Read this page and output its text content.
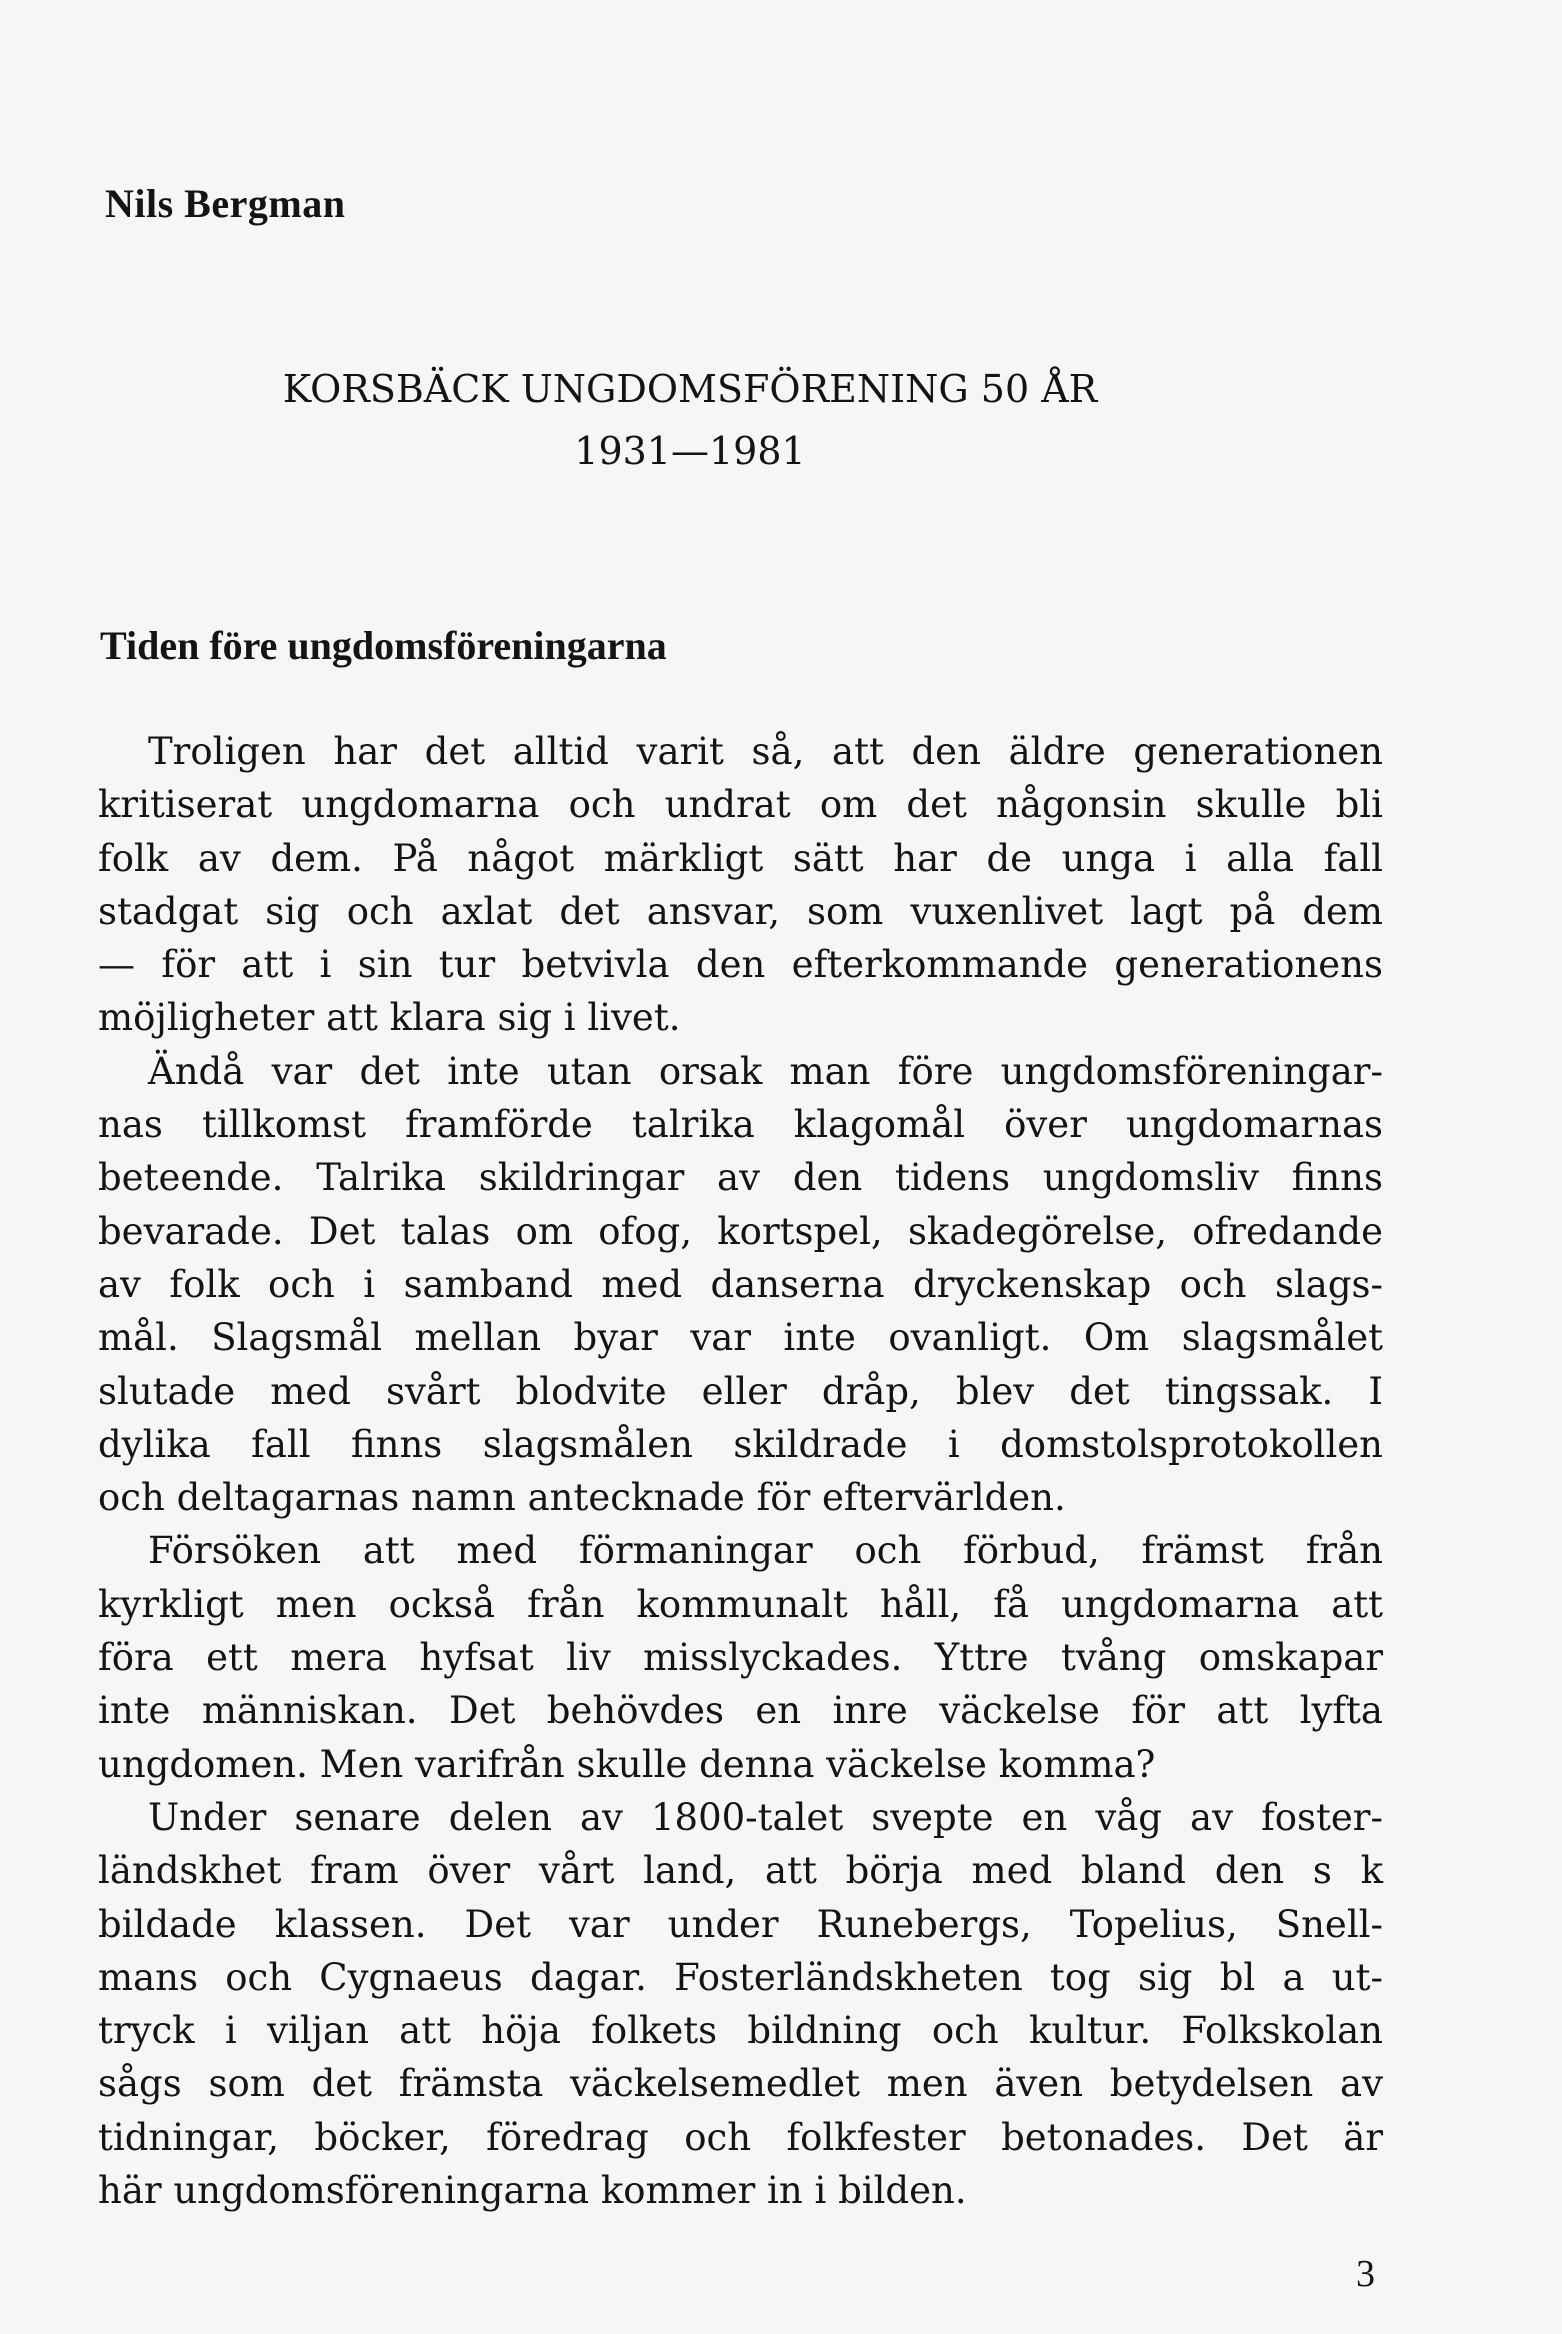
Nils Bergman
KORSBÄCK UNGDOMSFÖRENING 50 ÅR
1931—1981
Tiden före ungdomsföreningarna
Troligen har det alltid varit så, att den äldre generationen
kritiserat ungdomarna och undrat om det någonsin skulle bli
folk av dem. På något märkligt sätt har de unga i alla fall
stadgat sig och axlat det ansvar, som vuxenlivet lagt på dem
— för att i sin tur betvivla den efterkommande generationens
möjligheter att klara sig i livet.
Ändå var det inte utan orsak man före ungdomsföreningar-
nas tillkomst framförde talrika klagomål över ungdomarnas
beteende. Talrika skildringar av den tidens ungdomsliv finns
bevarade. Det talas om ofog, kortspel, skadegörelse, ofredande
av folk och i samband med danserna dryckenskap och slags-
mål. Slagsmål mellan byar var inte ovanligt. Om slagsmålet
slutade med svårt blodvite eller dråp, blev det tingssak. I
dylika fall finns slagsmålen skildrade i domstolsprotokollen
och deltagarnas namn antecknade för eftervärlden.
Försöken att med förmaningar och förbud, främst från
kyrkligt men också från kommunalt håll, få ungdomarna att
föra ett mera hyfsat liv misslyckades. Yttre tvång omskapar
inte människan. Det behövdes en inre väckelse för att lyfta
ungdomen. Men varifrån skulle denna väckelse komma?
Under senare delen av 1800-talet svepte en våg av foster-
ländskhet fram över vårt land, att börja med bland den s k
bildade klassen. Det var under Runebergs, Topelius, Snell-
mans och Cygnaeus dagar. Fosterländskheten tog sig bl a ut-
tryck i viljan att höja folkets bildning och kultur. Folkskolan
sågs som det främsta väckelsemedlet men även betydelsen av
tidningar, böcker, föredrag och folkfester betonades. Det är
här ungdomsföreningarna kommer in i bilden.
3
